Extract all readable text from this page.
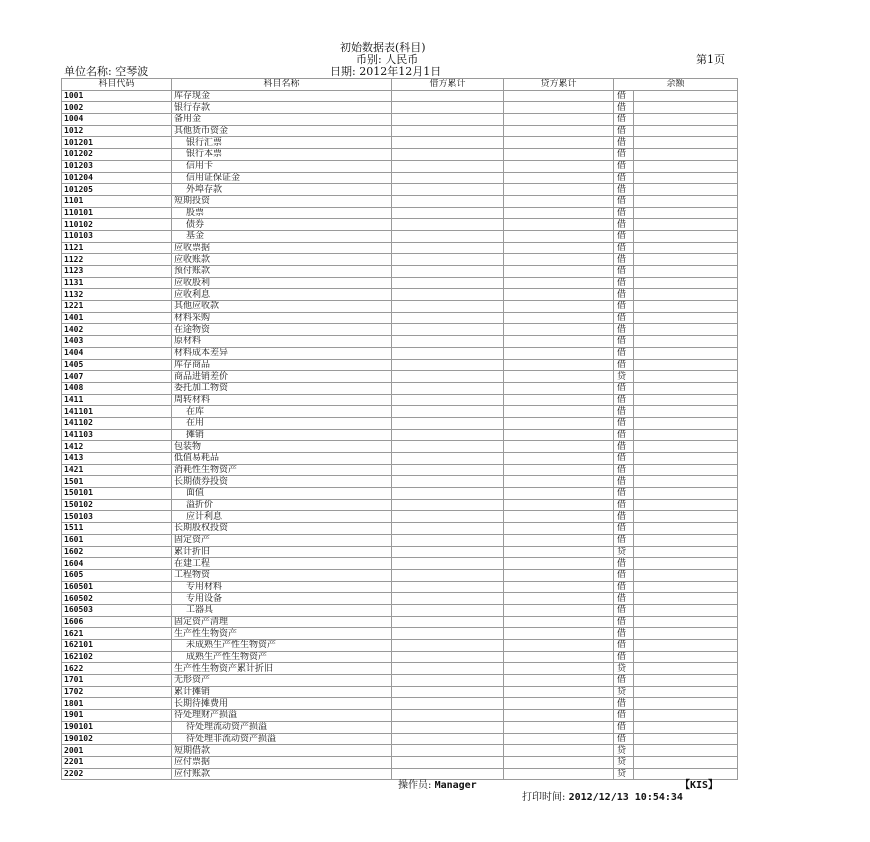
初始数据表(科目)
币别: 人民币	第1页
单位名称: 空琴波	日期: 2012年12月1日
科目代码	科目名称	借方累计	贷方累计	余额	
1001	库存现金			借	
1002	银行存款			借	
1004	备用金			借	
1012	其他货币资金			借	
101201	银行汇票			借	
101202	银行本票			借	
101203	信用卡			借	
101204	信用证保证金			借	
101205	外埠存款			借	
1101	短期投资			借	
110101	股票			借	
110102	债券			借	
110103	基金			借	
1121	应收票据			借	
1122	应收账款			借	
1123	预付账款			借	
1131	应收股利			借	
1132	应收利息			借	
1221	其他应收款			借	
1401	材料采购			借	
1402	在途物资			借	
1403	原材料			借	
1404	材料成本差异			借	
1405	库存商品			借	
1407	商品进销差价			贷	
1408	委托加工物资			借	
1411	周转材料			借	
141101	在库			借	
141102	在用			借	
141103	摊销			借	
1412	包装物			借	
1413	低值易耗品			借	
1421	消耗性生物资产			借	
1501	长期债券投资			借	
150101	面值			借	
150102	溢折价			借	
150103	应计利息			借	
1511	长期股权投资			借	
1601	固定资产			借	
1602	累计折旧			贷	
1604	在建工程			借	
1605	工程物资			借	
160501	专用材料			借	
160502	专用设备			借	
160503	工器具			借	
1606	固定资产清理			借	
1621	生产性生物资产			借	
162101	未成熟生产性生物资产			借	
162102	成熟生产性生物资产			借	
1622	生产性生物资产累计折旧			贷	
1701	无形资产			借	
1702	累计摊销			贷	
1801	长期待摊费用			借	
1901	待处理财产损溢			借	
190101	待处理流动资产损溢			借	
190102	待处理非流动资产损溢			借	
2001	短期借款			贷	
2201	应付票据			贷	
2202	应付账款			贷	
操作员: Manager	【KIS】
打印时间: 2012/12/13 10:54:34
